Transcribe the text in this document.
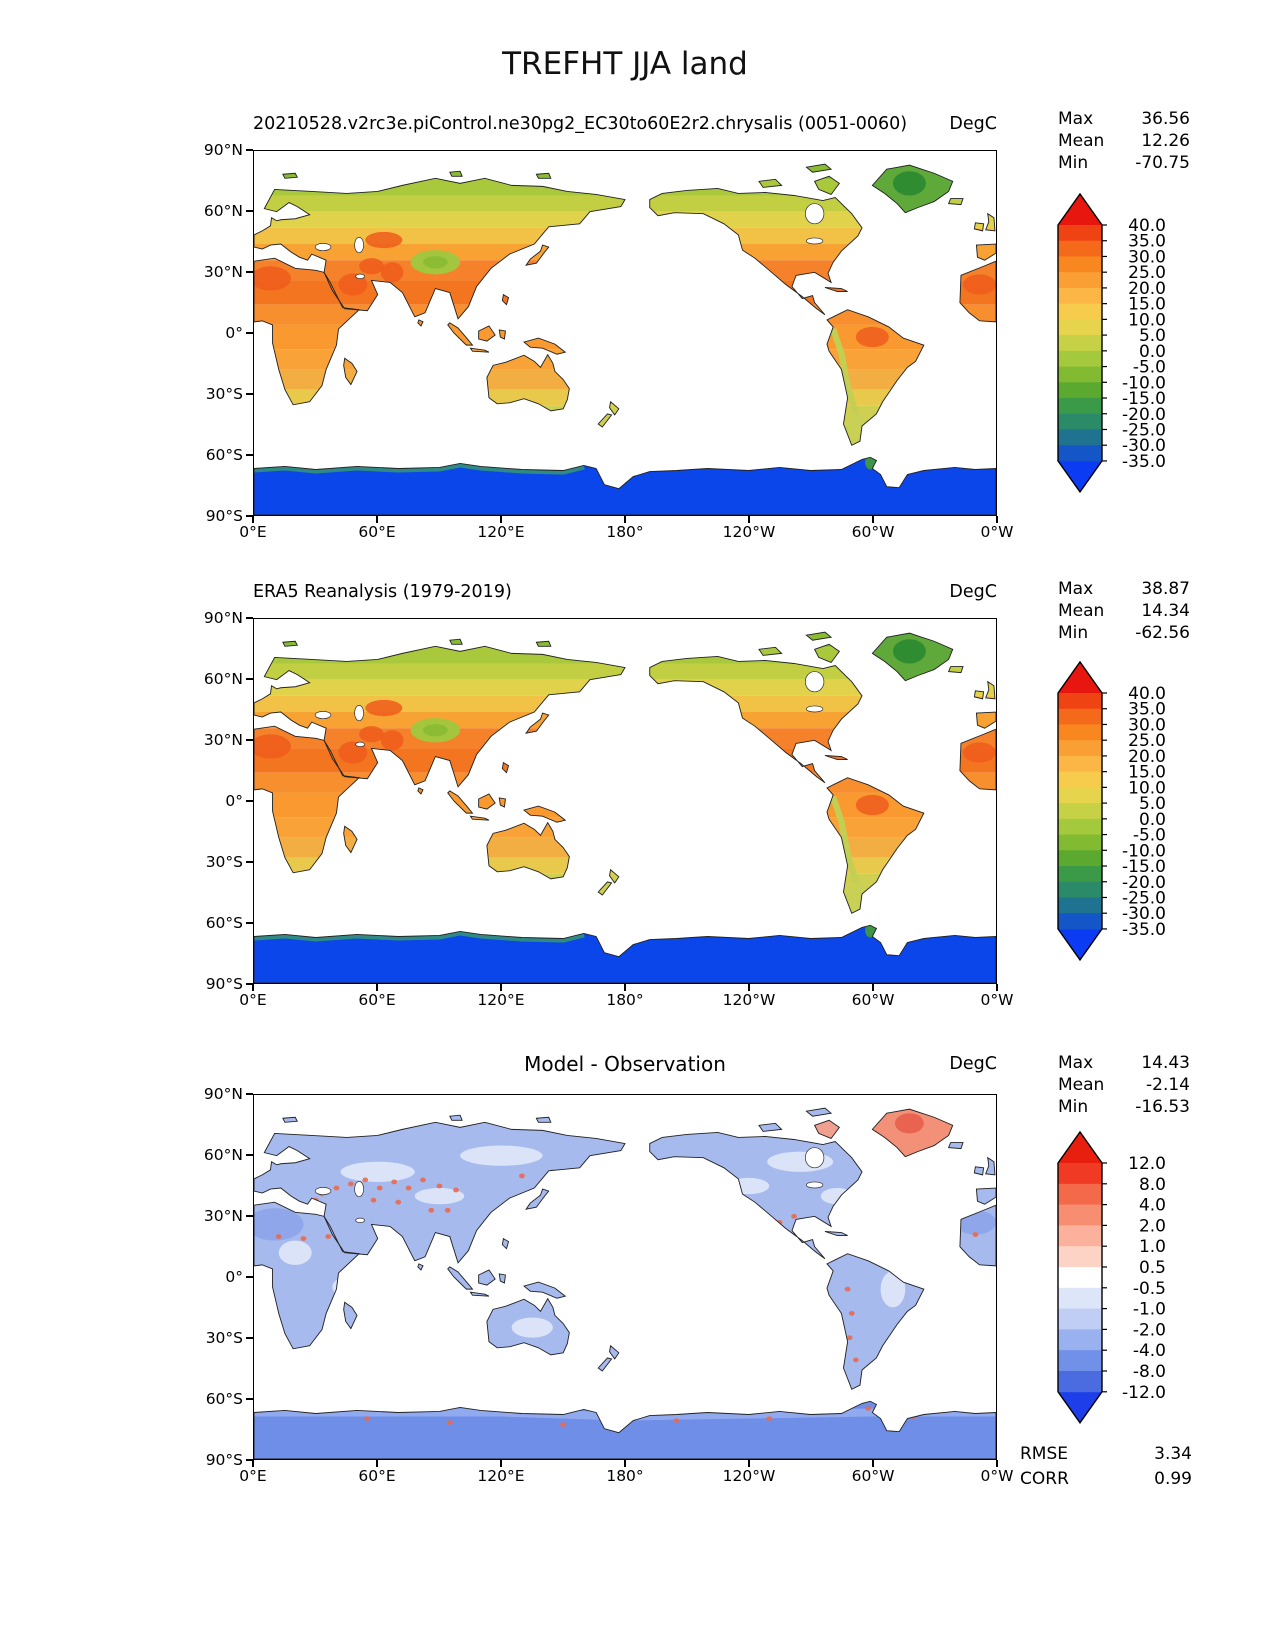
TREFHT JJA land
20210528.v2rc3e.piControl.ne30pg2_EC30to60E2r2.chrysalis (0051-0060)	DegC	Max	36.56
Mean 12.26
Min	-70.75
40.0
35.0
30.0
25.0
20.0
15.0
10.0
5.0
0.0
-5.0
-10.0
-15.0
-20.0
-25.0
-30.0
-35.0
ERA5 Reanalysis (1979-2019)	DegC	Max	38.87
Mean 14.34
Min	-62.56
40.0
35.0
30.0
25.0
20.0
15.0
10.0
5.0
0.0
-5.0
-10.0
-15.0
-20.0
-25.0
-30.0
-35.0
Model - Observation	DegC	Max	14.43
Mean -2.14
Min	-16.53
12.0
8.0
4.0
2.0
1.0
0.5
-0.5
-1.0
-2.0
-4.0
-8.0
-12.0
RMSE	3.34
CORR	0.99
90°N
60°N
30°N
0°
30°S
60°S
90°S
0°E	60°E	120°E	180°	120°W	60°W	0°W
90°N
60°N
30°N
0°
30°S
60°S
90°S
0°E	60°E	120°E	180°	120°W	60°W	0°W
90°N
60°N
30°N
0°
30°S
60°S
90°S
0°E	60°E	120°E	180°	120°W	60°W	0°W
